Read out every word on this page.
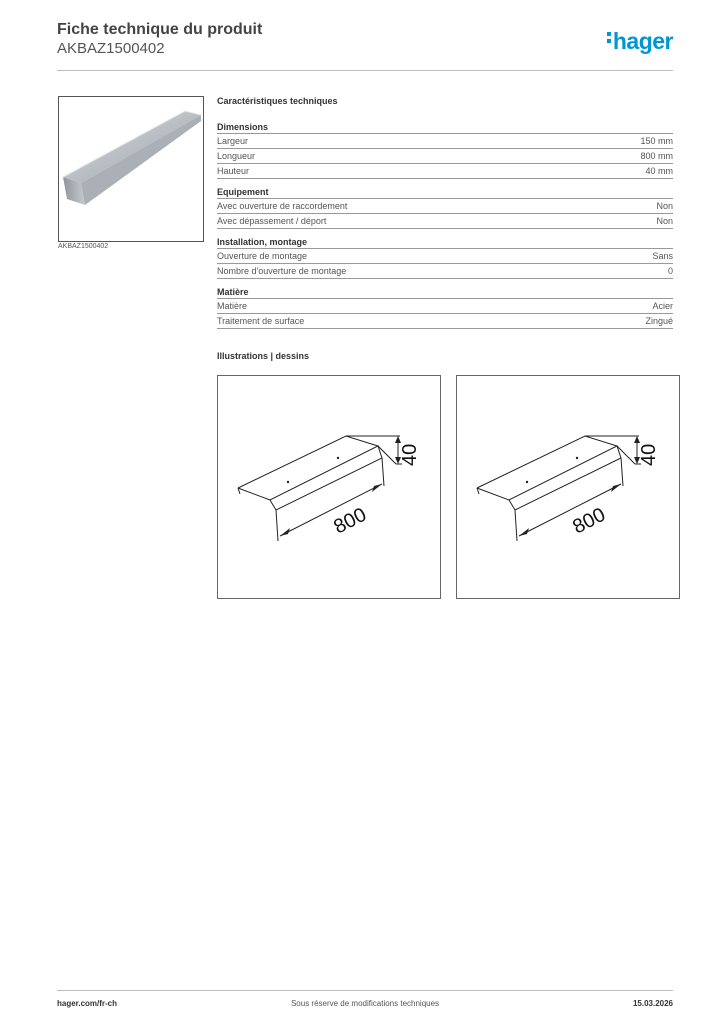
Fiche technique du produit

AKBAZ1500402	hager
AKBAZ1500402

Caractéristiques techniques

Dimensions
Largeur	150 mm
Longueur	800 mm
Hauteur	40 mm
Equipement
Avec ouverture de raccordement	Non
Avec dépassement / déport	Non
Installation, montage
Ouverture de montage	Sans
Nombre d'ouverture de montage	0
Matière
Matière	Acier
Traitement de surface	Zingué

Illustrations | dessins

800
40
800
40
hager.com/fr-ch	Sous réserve de modifications techniques	15.03.2026
